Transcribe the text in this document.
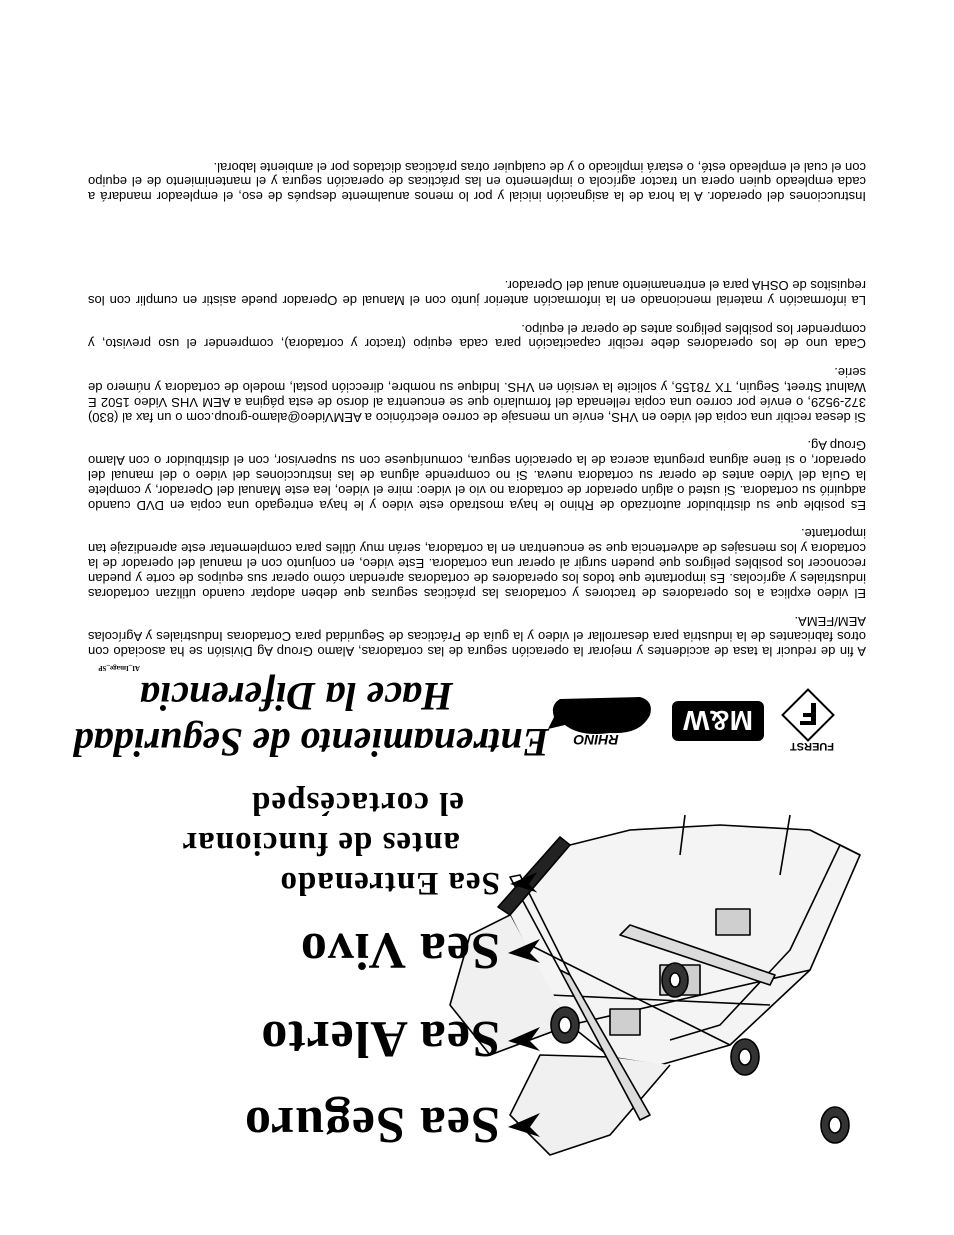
Sea Seguro
Sea Alerto
Sea Vivo
Sea Entrenado
antes de funcionar
el cortacésped
FUERST
M&W
RHINO
Entrenamiento de Seguridad
Hace la Diferencia
AI_Image_SP

A fin de reducir la tasa de accidentes y mejorar la operación segura de las cortadoras, Alamo Group Ag División se ha asociado con otros fabricantes de la industria para desarrollar el video y la guía de Prácticas de Seguridad para Cortadoras Industriales y Agrícolas AEM/FEMA.

El video explica a los operadores de tractores y cortadoras las prácticas seguras que deben adoptar cuando utilizan cortadoras industriales y agrícolas. Es importante que todos los operadores de cortadoras aprendan cómo operar sus equipos de corte y puedan reconocer los posibles peligros que pueden surgir al operar una cortadora. Este video, en conjunto con el manual del operador de la cortadora y los mensajes de advertencia que se encuentran en la cortadora, serán muy útiles para complementar este aprendizaje tan importante.

Es posible que su distribuidor autorizado de Rhino le haya mostrado este video y le haya entregado una copia en DVD cuando adquirió su cortadora. Si usted o algún operador de cortadora no vio el video: mire el video, lea este Manual del Operador, y complete la Guía del Video antes de operar su cortadora nueva. Si no comprende alguna de las instrucciones del video o del manual del operador, o si tiene alguna pregunta acerca de la operación segura, comuníquese con su supervisor, con el distribuidor o con Alamo Group Ag.

Si desea recibir una copia del video en VHS, envíe un mensaje de correo electrónico a AEMVideo@alamo-group.com o un fax al (830) 372-9529, o envíe por correo una copia rellenada del formulario que se encuentra al dorso de esta página a AEM VHS Video 1502 E Walnut Street, Seguin, TX 78155, y solicite la versión en VHS. Indique su nombre, dirección postal, modelo de cortadora y número de serie.

Cada uno de los operadores debe recibir capacitación para cada equipo (tractor y cortadora), comprender el uso previsto, y comprender los posibles peligros antes de operar el equipo.

La información y material mencionado en la información anterior junto con el Manual de Operador puede asistir en cumplir con los requisitos de OSHA para el entrenamiento anual del Operador.

Instrucciones del operador. A la hora de la asignación inicial y por lo menos anualmente después de eso, el empleador mandará a cada empleado quien opera un tractor agrícola o implemento en las prácticas de operación segura y el mantenimiento de el equipo con el cual el empleado esté, o estará implicado o y de cualquier otras prácticas dictados por el ambiente laboral.
